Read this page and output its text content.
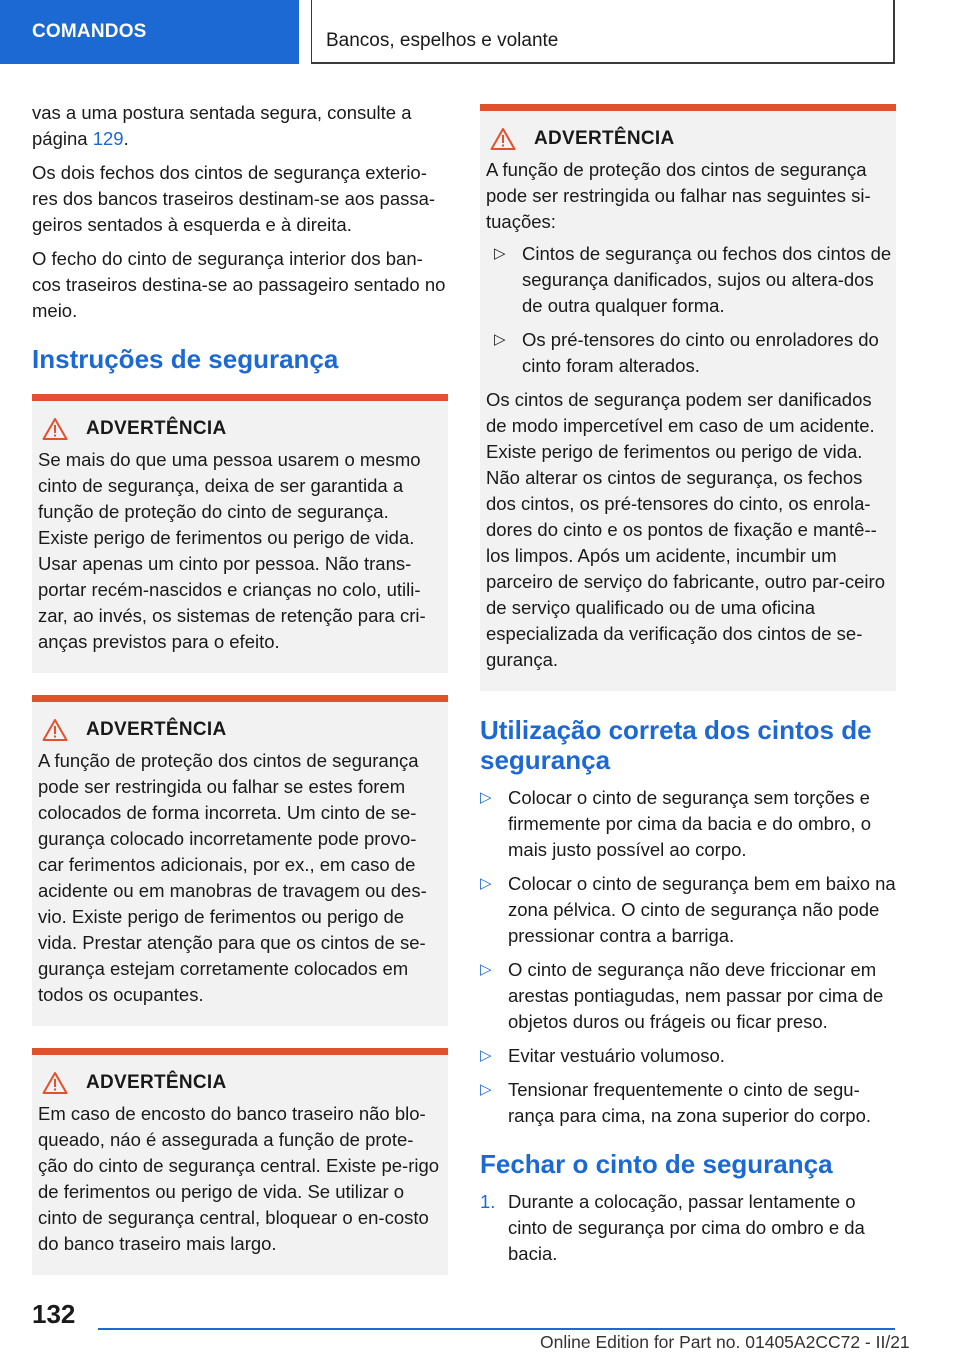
COMANDOS	Bancos, espelhos e volante

vas a uma postura sentada segura, consulte a página 129.

Os dois fechos dos cintos de segurança exterio-res dos bancos traseiros destinam-se aos passa-geiros sentados à esquerda e à direita.

O fecho do cinto de segurança interior dos ban-cos traseiros destina-se ao passageiro sentado no meio.

Instruções de segurança
ADVERTÊNCIA
Se mais do que uma pessoa usarem o mesmo cinto de segurança, deixa de ser garantida a função de proteção do cinto de segurança. Existe perigo de ferimentos ou perigo de vida. Usar apenas um cinto por pessoa. Não trans-portar recém-nascidos e crianças no colo, utili-zar, ao invés, os sistemas de retenção para cri-anças previstos para o efeito.
ADVERTÊNCIA
A função de proteção dos cintos de segurança pode ser restringida ou falhar se estes forem colocados de forma incorreta. Um cinto de se-gurança colocado incorretamente pode provo-car ferimentos adicionais, por ex., em caso de acidente ou em manobras de travagem ou des-vio. Existe perigo de ferimentos ou perigo de vida. Prestar atenção para que os cintos de se-gurança estejam corretamente colocados em todos os ocupantes.
ADVERTÊNCIA
Em caso de encosto do banco traseiro não blo-queado, náo é assegurada a função de prote-ção do cinto de segurança central. Existe pe-rigo de ferimentos ou perigo de vida. Se utilizar o cinto de segurança central, bloquear o en-costo do banco traseiro mais largo.
ADVERTÊNCIA
A função de proteção dos cintos de segurança pode ser restringida ou falhar nas seguintes si-tuações:
▷ Cintos de segurança ou fechos dos cintos de segurança danificados, sujos ou altera-dos de outra qualquer forma.
▷ Os pré-tensores do cinto ou enroladores do cinto foram alterados.
Os cintos de segurança podem ser danificados de modo impercetível em caso de um acidente. Existe perigo de ferimentos ou perigo de vida. Não alterar os cintos de segurança, os fechos dos cintos, os pré-tensores do cinto, os enrola-dores do cinto e os pontos de fixação e mantê--los limpos. Após um acidente, incumbir um parceiro de serviço do fabricante, outro par-ceiro de serviço qualificado ou de uma oficina especializada da verificação dos cintos de se-gurança.
Utilização correta dos cintos de segurança
▷ Colocar o cinto de segurança sem torções e firmemente por cima da bacia e do ombro, o mais justo possível ao corpo.
▷ Colocar o cinto de segurança bem em baixo na zona pélvica. O cinto de segurança não pode pressionar contra a barriga.
▷ O cinto de segurança não deve friccionar em arestas pontiagudas, nem passar por cima de objetos duros ou frágeis ou ficar preso.
▷ Evitar vestuário volumoso.
▷ Tensionar frequentemente o cinto de segu-rança para cima, na zona superior do corpo.
Fechar o cinto de segurança
1. Durante a colocação, passar lentamente o cinto de segurança por cima do ombro e da bacia.
132
Online Edition for Part no. 01405A2CC72 - II/21
